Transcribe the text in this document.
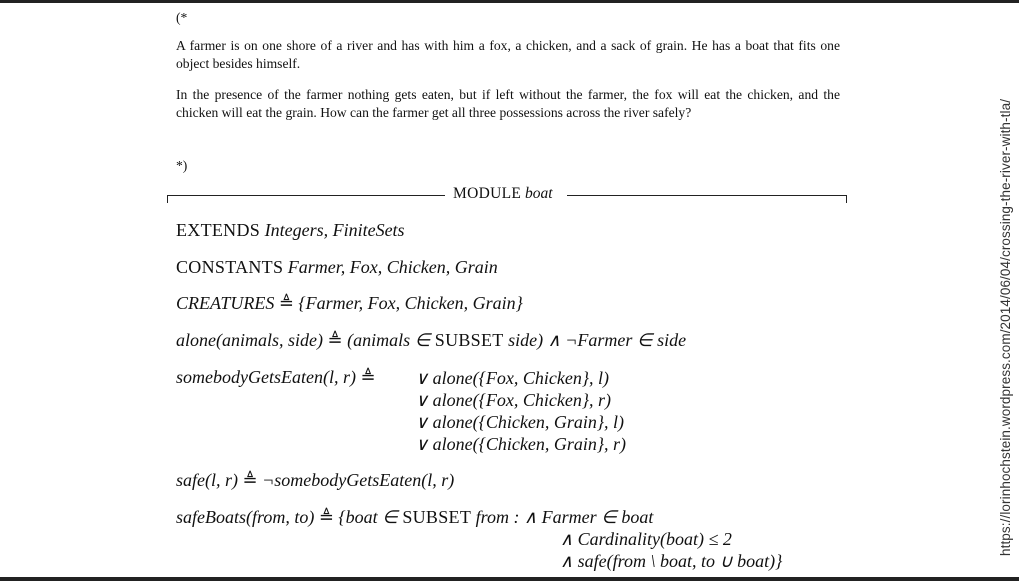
(*
A farmer is on one shore of a river and has with him a fox, a chicken, and a sack of grain. He has a boat that fits one object besides himself.
In the presence of the farmer nothing gets eaten, but if left without the farmer, the fox will eat the chicken, and the chicken will eat the grain. How can the farmer get all three possessions across the river safely?
*)
MODULE boat
EXTENDS Integers, FiniteSets
CONSTANTS Farmer, Fox, Chicken, Grain
CREATURES ≜ {Farmer, Fox, Chicken, Grain}
alone(animals, side) ≜ (animals ∈ SUBSET side) ∧ ¬Farmer ∈ side
somebodyGetsEaten(l, r) ≜ ∨ alone({Fox, Chicken}, l)
∨ alone({Fox, Chicken}, r)
∨ alone({Chicken, Grain}, l)
∨ alone({Chicken, Grain}, r)
safe(l, r) ≜ ¬somebodyGetsEaten(l, r)
safeBoats(from, to) ≜ {boat ∈ SUBSET from : ∧ Farmer ∈ boat
∧ Cardinality(boat) ≤ 2
∧ safe(from \ boat, to ∪ boat)}
https://lorinhochstein.wordpress.com/2014/06/04/crossing-the-river-with-tla/
